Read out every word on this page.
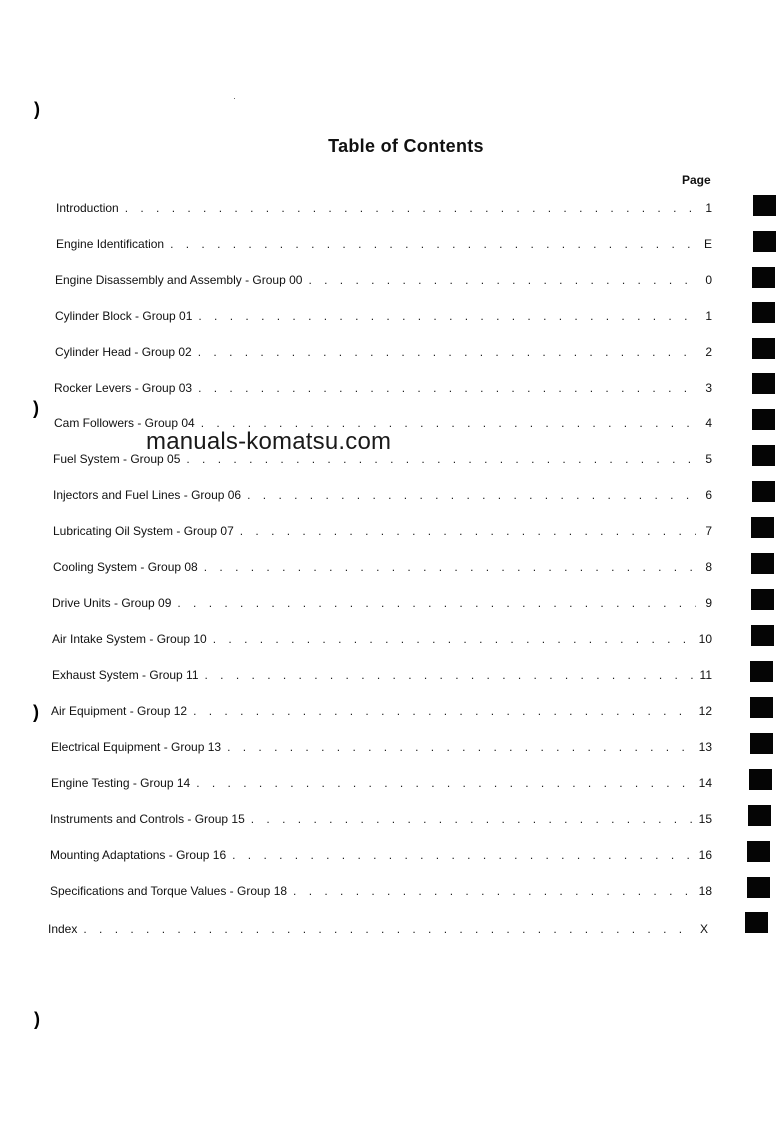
)
)
)
)
Table of Contents
Page
Introduction . . .	1
Engine Identification . . .	E
Engine Disassembly and Assembly - Group 00 . . .	0
Cylinder Block - Group 01 . . .	1
Cylinder Head - Group 02 . . .	2
Rocker Levers - Group 03 . . .	3
Cam Followers - Group 04 . . .	4
Fuel System - Group 05 . . .	5
Injectors and Fuel Lines - Group 06 . . .	6
Lubricating Oil System - Group 07 . . .	7
Cooling System - Group 08 . . .	8
Drive Units - Group 09 . . .	9
Air Intake System - Group 10 . . .	10
Exhaust System - Group 11 . . .	11
Air Equipment - Group 12 . . .	12
Electrical Equipment - Group 13 . . .	13
Engine Testing - Group 14 . . .	14
Instruments and Controls - Group 15 . . .	15
Mounting Adaptations - Group 16 . . .	16
Specifications and Torque Values - Group 18 . . .	18
Index . . .	X
manuals-komatsu.com
